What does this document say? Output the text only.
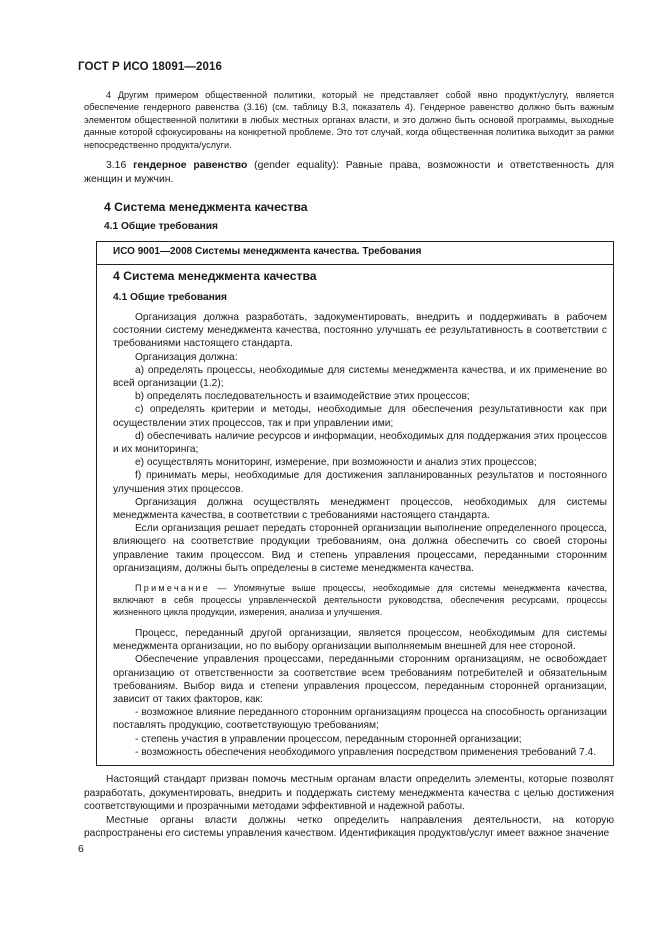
ГОСТ Р ИСО 18091—2016
4 Другим примером общественной политики, который не представляет собой явно продукт/услугу, является обеспечение гендерного равенства (3.16) (см. таблицу В.3, показатель 4). Гендерное равенство должно быть важным элементом общественной политики в любых местных органах власти, и это должно быть основой программы, выходные данные которой сфокусированы на конкретной проблеме. Это тот случай, когда общественная политика выходит за рамки непосредственно продукта/услуги.
3.16 гендерное равенство (gender equality): Равные права, возможности и ответственность для женщин и мужчин.
4 Система менеджмента качества
4.1 Общие требования
ИСО 9001—2008 Системы менеджмента качества. Требования
4 Система менеджмента качества
4.1 Общие требования

Организация должна разработать, задокументировать, внедрить и поддерживать в рабочем состоянии систему менеджмента качества, постоянно улучшать ее результативность в соответствии с требованиями настоящего стандарта.

Организация должна:

a) определять процессы, необходимые для системы менеджмента качества, и их применение во всей организации (1.2);

b) определять последовательность и взаимодействие этих процессов;

c) определять критерии и методы, необходимые для обеспечения результативности как при осуществлении этих процессов, так и при управлении ими;

d) обеспечивать наличие ресурсов и информации, необходимых для поддержания этих процессов и их мониторинга;

e) осуществлять мониторинг, измерение, при возможности и анализ этих процессов;

f) принимать меры, необходимые для достижения запланированных результатов и постоянного улучшения этих процессов.

Организация должна осуществлять менеджмент процессов, необходимых для системы менеджмента качества, в соответствии с требованиями настоящего стандарта.

Если организация решает передать сторонней организации выполнение определенного процесса, влияющего на соответствие продукции требованиям, она должна обеспечить со своей стороны управление таким процессом. Вид и степень управления процессами, переданными сторонним организациям, должны быть определены в системе менеджмента качества.

Примечание — Упомянутые выше процессы, необходимые для системы менеджмента качества, включают в себя процессы управленческой деятельности руководства, обеспечения ресурсами, процессы жизненного цикла продукции, измерения, анализа и улучшения.

Процесс, переданный другой организации, является процессом, необходимым для системы менеджмента организации, но по выбору организации выполняемым внешней для нее стороной.

Обеспечение управления процессами, переданными сторонним организациям, не освобождает организацию от ответственности за соответствие всем требованиям потребителей и обязательным требованиям. Выбор вида и степени управления процессом, переданным сторонней организации, зависит от таких факторов, как:

- возможное влияние переданного сторонним организациям процесса на способность организации поставлять продукцию, соответствующую требованиям;

- степень участия в управлении процессом, переданным сторонней организации;

- возможность обеспечения необходимого управления посредством применения требований 7.4.

Настоящий стандарт призван помочь местным органам власти определить элементы, которые позволят разработать, документировать, внедрить и поддержать систему менеджмента качества с целью достижения соответствующими и прозрачными методами эффективной и надежной работы.

Местные органы власти должны четко определить направления деятельности, на которую распространены его системы управления качеством. Идентификация продуктов/услуг имеет важное значение

6
